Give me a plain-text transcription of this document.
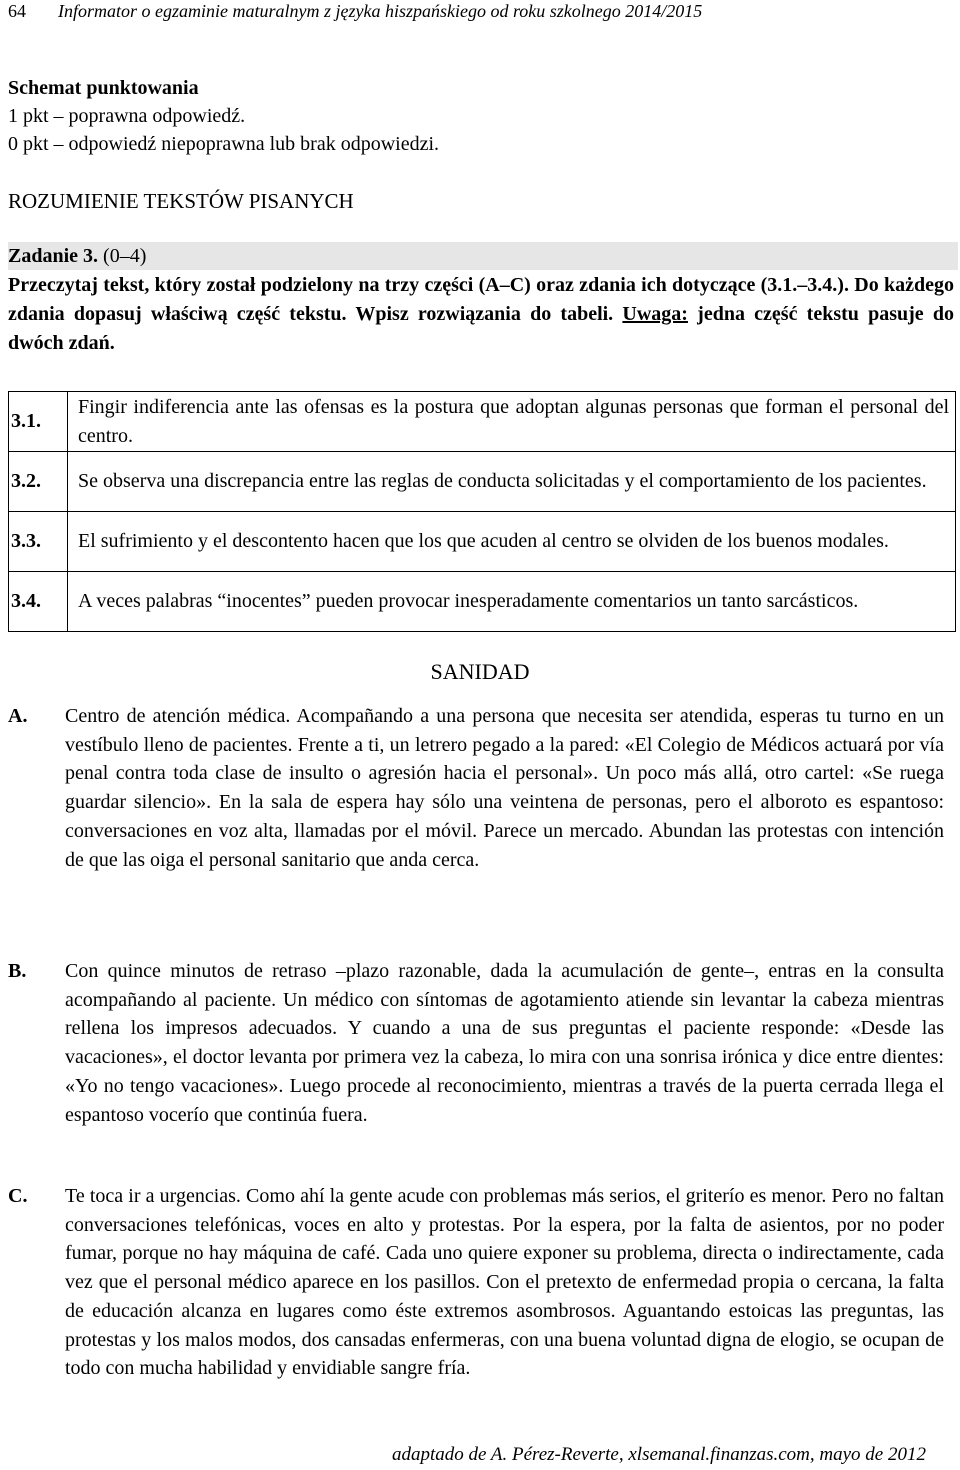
64 Informator o egzaminie maturalnym z języka hiszpańskiego od roku szkolnego 2014/2015
Schemat punktowania
1 pkt – poprawna odpowiedź.
0 pkt – odpowiedź niepoprawna lub brak odpowiedzi.
ROZUMIENIE TEKSTÓW PISANYCH
Zadanie 3. (0–4)
Przeczytaj tekst, który został podzielony na trzy części (A–C) oraz zdania ich dotyczące (3.1.–3.4.). Do każdego zdania dopasuj właściwą część tekstu. Wpisz rozwiązania do tabeli. Uwaga: jedna część tekstu pasuje do dwóch zdań.
3.1.	Fingir indiferencia ante las ofensas es la postura que adoptan algunas personas que forman el personal del centro.
3.2.	Se observa una discrepancia entre las reglas de conducta solicitadas y el comportamiento de los pacientes.
3.3.	El sufrimiento y el descontento hacen que los que acuden al centro se olviden de los buenos modales.
3.4.	A veces palabras “inocentes” pueden provocar inesperadamente comentarios un tanto sarcásticos.
SANIDAD
A.	Centro de atención médica. Acompañando a una persona que necesita ser atendida, esperas tu turno en un vestíbulo lleno de pacientes. Frente a ti, un letrero pegado a la pared: «El Colegio de Médicos actuará por vía penal contra toda clase de insulto o agresión hacia el personal». Un poco más allá, otro cartel: «Se ruega guardar silencio». En la sala de espera hay sólo una veintena de personas, pero el alboroto es espantoso: conversaciones en voz alta, llamadas por el móvil. Parece un mercado. Abundan las protestas con intención de que las oiga el personal sanitario que anda cerca.
B.	Con quince minutos de retraso –plazo razonable, dada la acumulación de gente–, entras en la consulta acompañando al paciente. Un médico con síntomas de agotamiento atiende sin levantar la cabeza mientras rellena los impresos adecuados. Y cuando a una de sus preguntas el paciente responde: «Desde las vacaciones», el doctor levanta por primera vez la cabeza, lo mira con una sonrisa irónica y dice entre dientes: «Yo no tengo vacaciones». Luego procede al reconocimiento, mientras a través de la puerta cerrada llega el espantoso vocerío que continúa fuera.
C.	Te toca ir a urgencias. Como ahí la gente acude con problemas más serios, el griterío es menor. Pero no faltan conversaciones telefónicas, voces en alto y protestas. Por la espera, por la falta de asientos, por no poder fumar, porque no hay máquina de café. Cada uno quiere exponer su problema, directa o indirectamente, cada vez que el personal médico aparece en los pasillos. Con el pretexto de enfermedad propia o cercana, la falta de educación alcanza en lugares como éste extremos asombrosos. Aguantando estoicas las preguntas, las protestas y los malos modos, dos cansadas enfermeras, con una buena voluntad digna de elogio, se ocupan de todo con mucha habilidad y envidiable sangre fría.
adaptado de A. Pérez-Reverte, xlsemanal.finanzas.com, mayo de 2012
